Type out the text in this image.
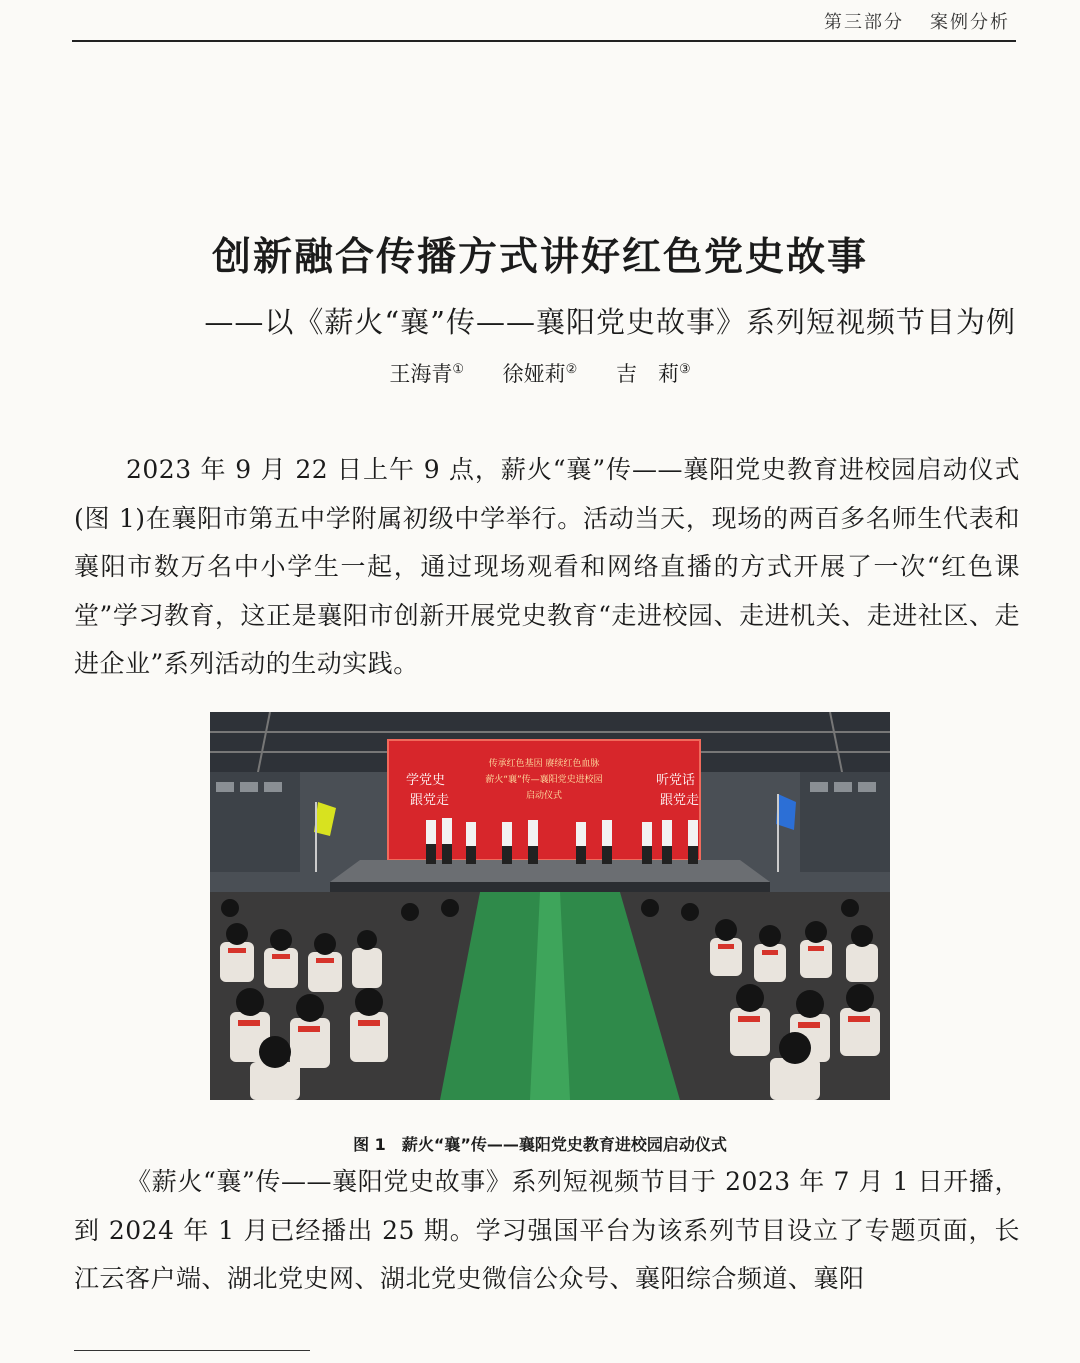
第三部分 案例分析
创新融合传播方式讲好红色党史故事
——以《薪火“襄”传——襄阳党史故事》系列短视频节目为例
王海青① 徐娅莉② 吉　莉③
2023 年 9 月 22 日上午 9 点，薪火“襄”传——襄阳党史教育进校园启动仪式(图 1)在襄阳市第五中学附属初级中学举行。活动当天，现场的两百多名师生代表和襄阳市数万名中小学生一起，通过现场观看和网络直播的方式开展了一次“红色课堂”学习教育，这正是襄阳市创新开展党史教育“走进校园、走进机关、走进社区、走进企业”系列活动的生动实践。
学党史
跟党走
听党话
跟党走
传承红色基因 赓续红色血脉
薪火“襄”传—襄阳党史进校园
启动仪式
图 1 薪火“襄”传——襄阳党史教育进校园启动仪式
《薪火“襄”传——襄阳党史故事》系列短视频节目于 2023 年 7 月 1 日开播，到 2024 年 1 月已经播出 25 期。学习强国平台为该系列节目设立了专题页面，长江云客户端、湖北党史网、湖北党史微信公众号、襄阳综合频道、襄阳
